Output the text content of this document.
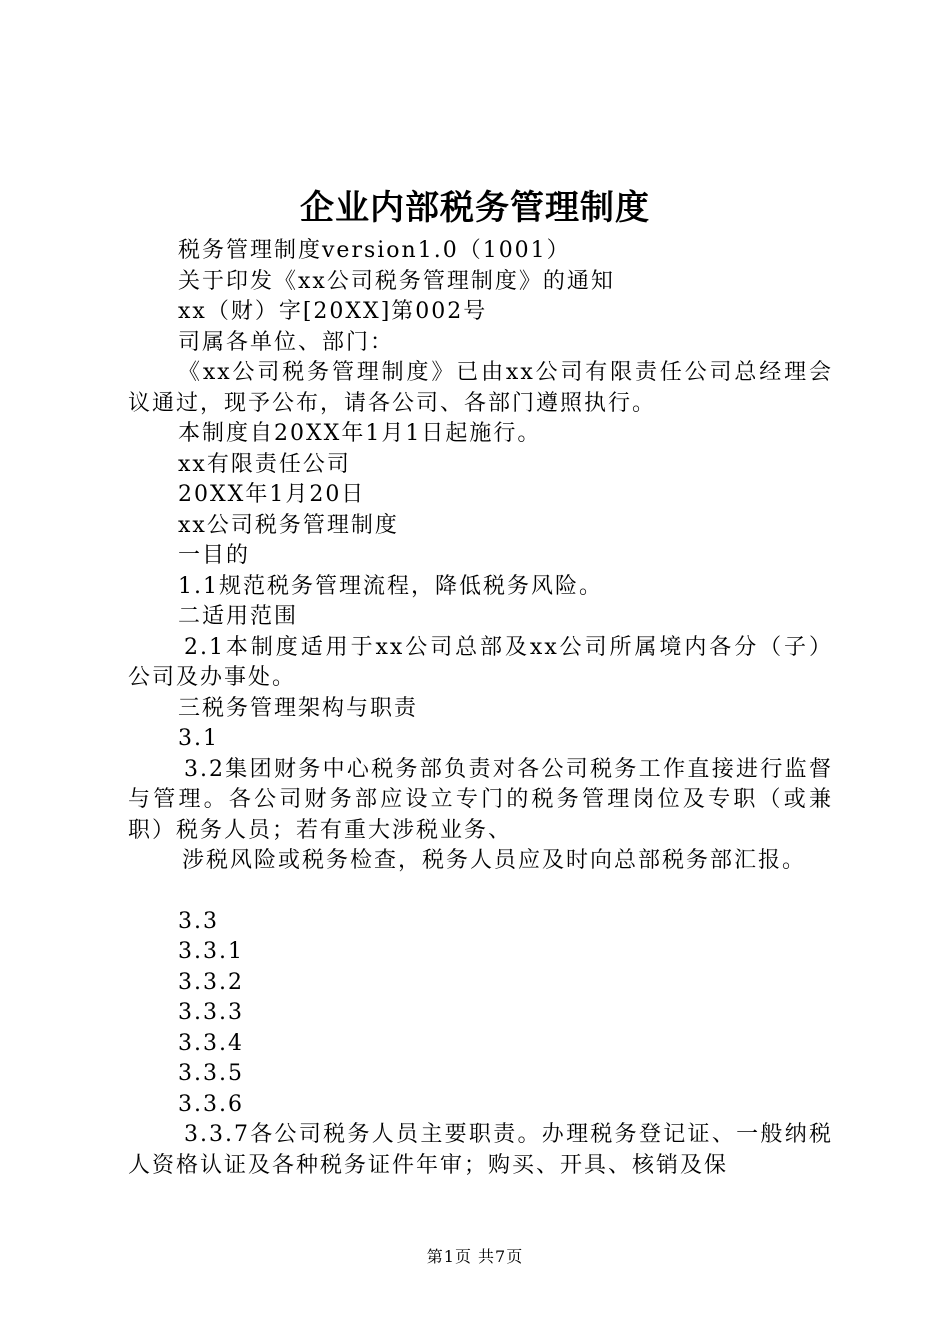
企业内部税务管理制度

税务管理制度version1.0（1001）

关于印发《xx公司税务管理制度》的通知

xx（财）字[20XX]第002号

司属各单位、部门：

《xx公司税务管理制度》已由xx公司有限责任公司总经理会议通过，现予公布，请各公司、各部门遵照执行。

本制度自20XX年1月1日起施行。

xx有限责任公司

20XX年1月20日

xx公司税务管理制度

一目的

1.1规范税务管理流程，降低税务风险。

二适用范围

2.1本制度适用于xx公司总部及xx公司所属境内各分（子）公司及办事处。

三税务管理架构与职责

3.1

3.2集团财务中心税务部负责对各公司税务工作直接进行监督与管理。各公司财务部应设立专门的税务管理岗位及专职（或兼职）税务人员；若有重大涉税业务、

涉税风险或税务检查，税务人员应及时向总部税务部汇报。

3.3

3.3.1

3.3.2

3.3.3

3.3.4

3.3.5

3.3.6

3.3.7各公司税务人员主要职责。办理税务登记证、一般纳税人资格认证及各种税务证件年审；购买、开具、核销及保

第1页 共7页
